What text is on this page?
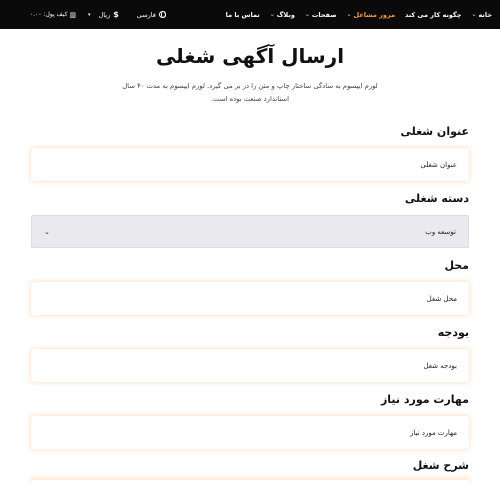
خانه
⌄
چگونه کار می کند
مرور مشاغل
⌄
صفحات
⌄
وبلاگ
⌄
تماس با ما
کیف پول: ۰.۰۰ ▥ ▾ ریال $	فارسی
ارسال آگهی شغلی

لورم ایپسوم به سادگی ساختار چاپ و متن را در بر می گیرد. لورم ایپسوم به مدت ۴۰ سال استاندارد صنعت بوده است.

عنوان شغلی
عنوان شغلی
دسته شغلی
توسعه وب
⌄
محل
محل شغل
بودجه
بودجه شغل
مهارت مورد نیاز
مهارت مورد نیاز
شرح شغل
